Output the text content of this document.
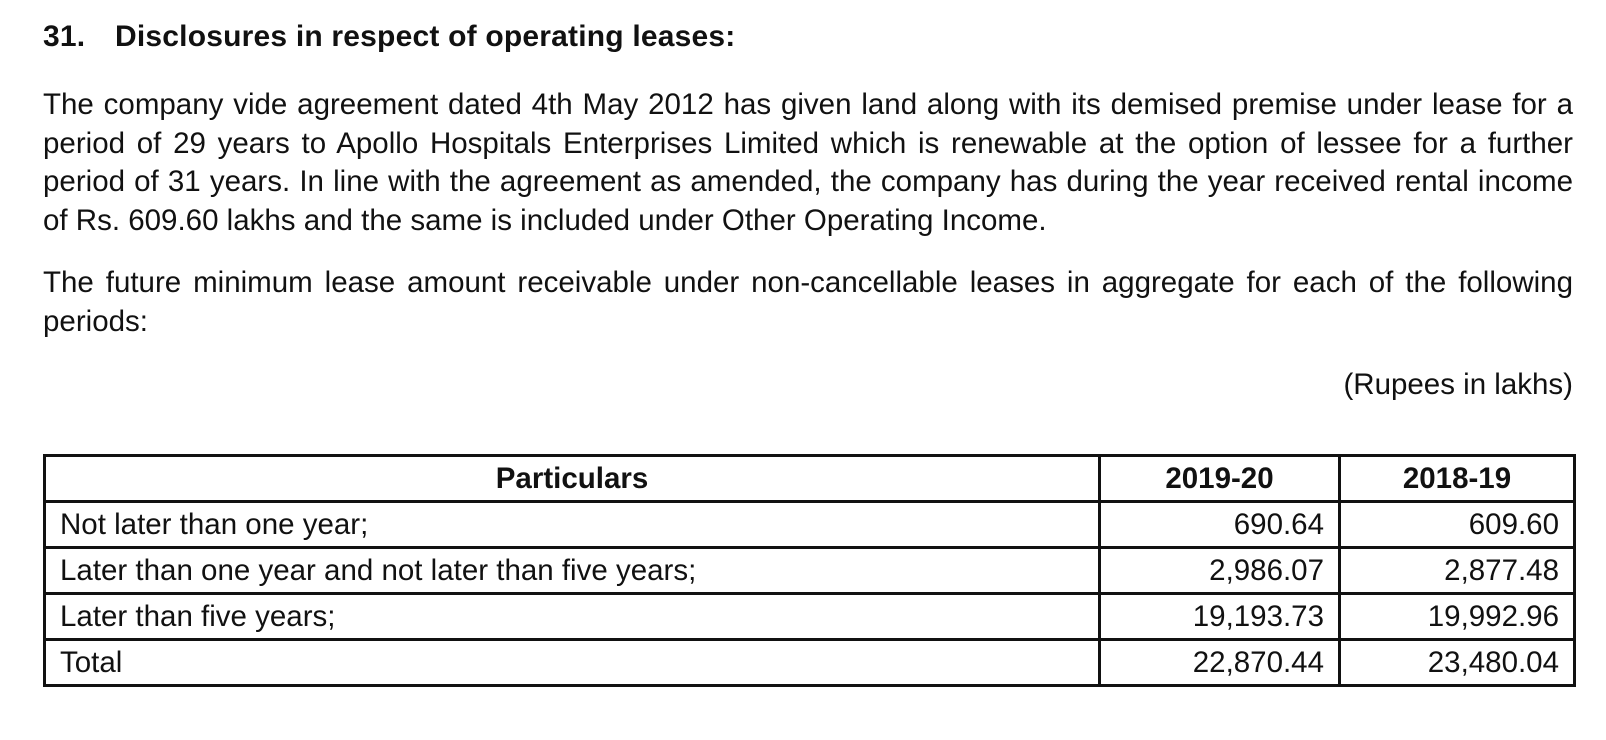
31. Disclosures in respect of operating leases:

The company vide agreement dated 4th May 2012 has given land along with its demised premise under lease for a period of 29 years to Apollo Hospitals Enterprises Limited which is renewable at the option of lessee for a further period of 31 years. In line with the agreement as amended, the company has during the year received rental income of Rs. 609.60 lakhs and the same is included under Other Operating Income.

The future minimum lease amount receivable under non-cancellable leases in aggregate for each of the following periods:

(Rupees in lakhs)
Particulars	2019-20	2018-19
Not later than one year;	690.64	609.60
Later than one year and not later than five years;	2,986.07	2,877.48
Later than five years;	19,193.73	19,992.96
Total	22,870.44	23,480.04
